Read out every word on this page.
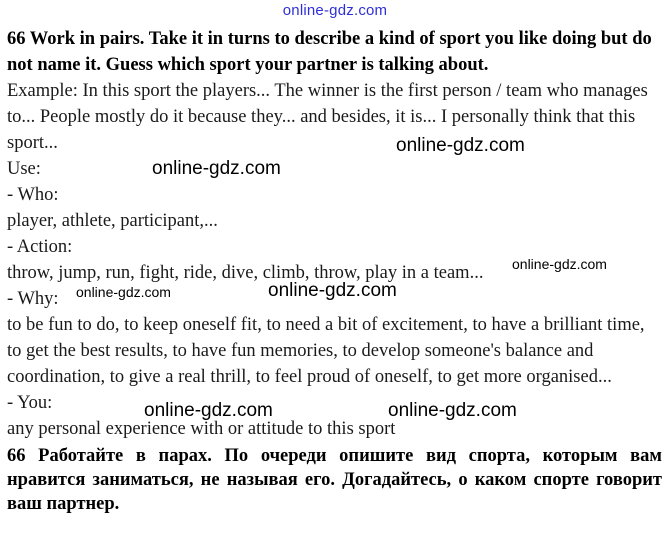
online-gdz.com
66 Work in pairs. Take it in turns to describe a kind of sport you like doing but do not name it. Guess which sport your partner is talking about.
Example: In this sport the players... The winner is the first person / team who manages to... People mostly do it because they... and besides, it is... I personally think that this sport...
Use:
- Who:
player, athlete, participant,...
- Action:
throw, jump, run, fight, ride, dive, climb, throw, play in a team...
- Why:
to be fun to do, to keep oneself fit, to need a bit of excitement, to have a brilliant time, to get the best results, to have fun memories, to develop someone's balance and coordination, to give a real thrill, to feel proud of oneself, to get more organised...
- You:
any personal experience with or attitude to this sport
66 Работайте в парах. По очереди опишите вид спорта, которым вам нравится заниматься, не называя его. Догадайтесь, о каком спорте говорит ваш партнер.
online-gdz.com
online-gdz.com
online-gdz.com
online-gdz.com	online-gdz.com
online-gdz.com	online-gdz.com
